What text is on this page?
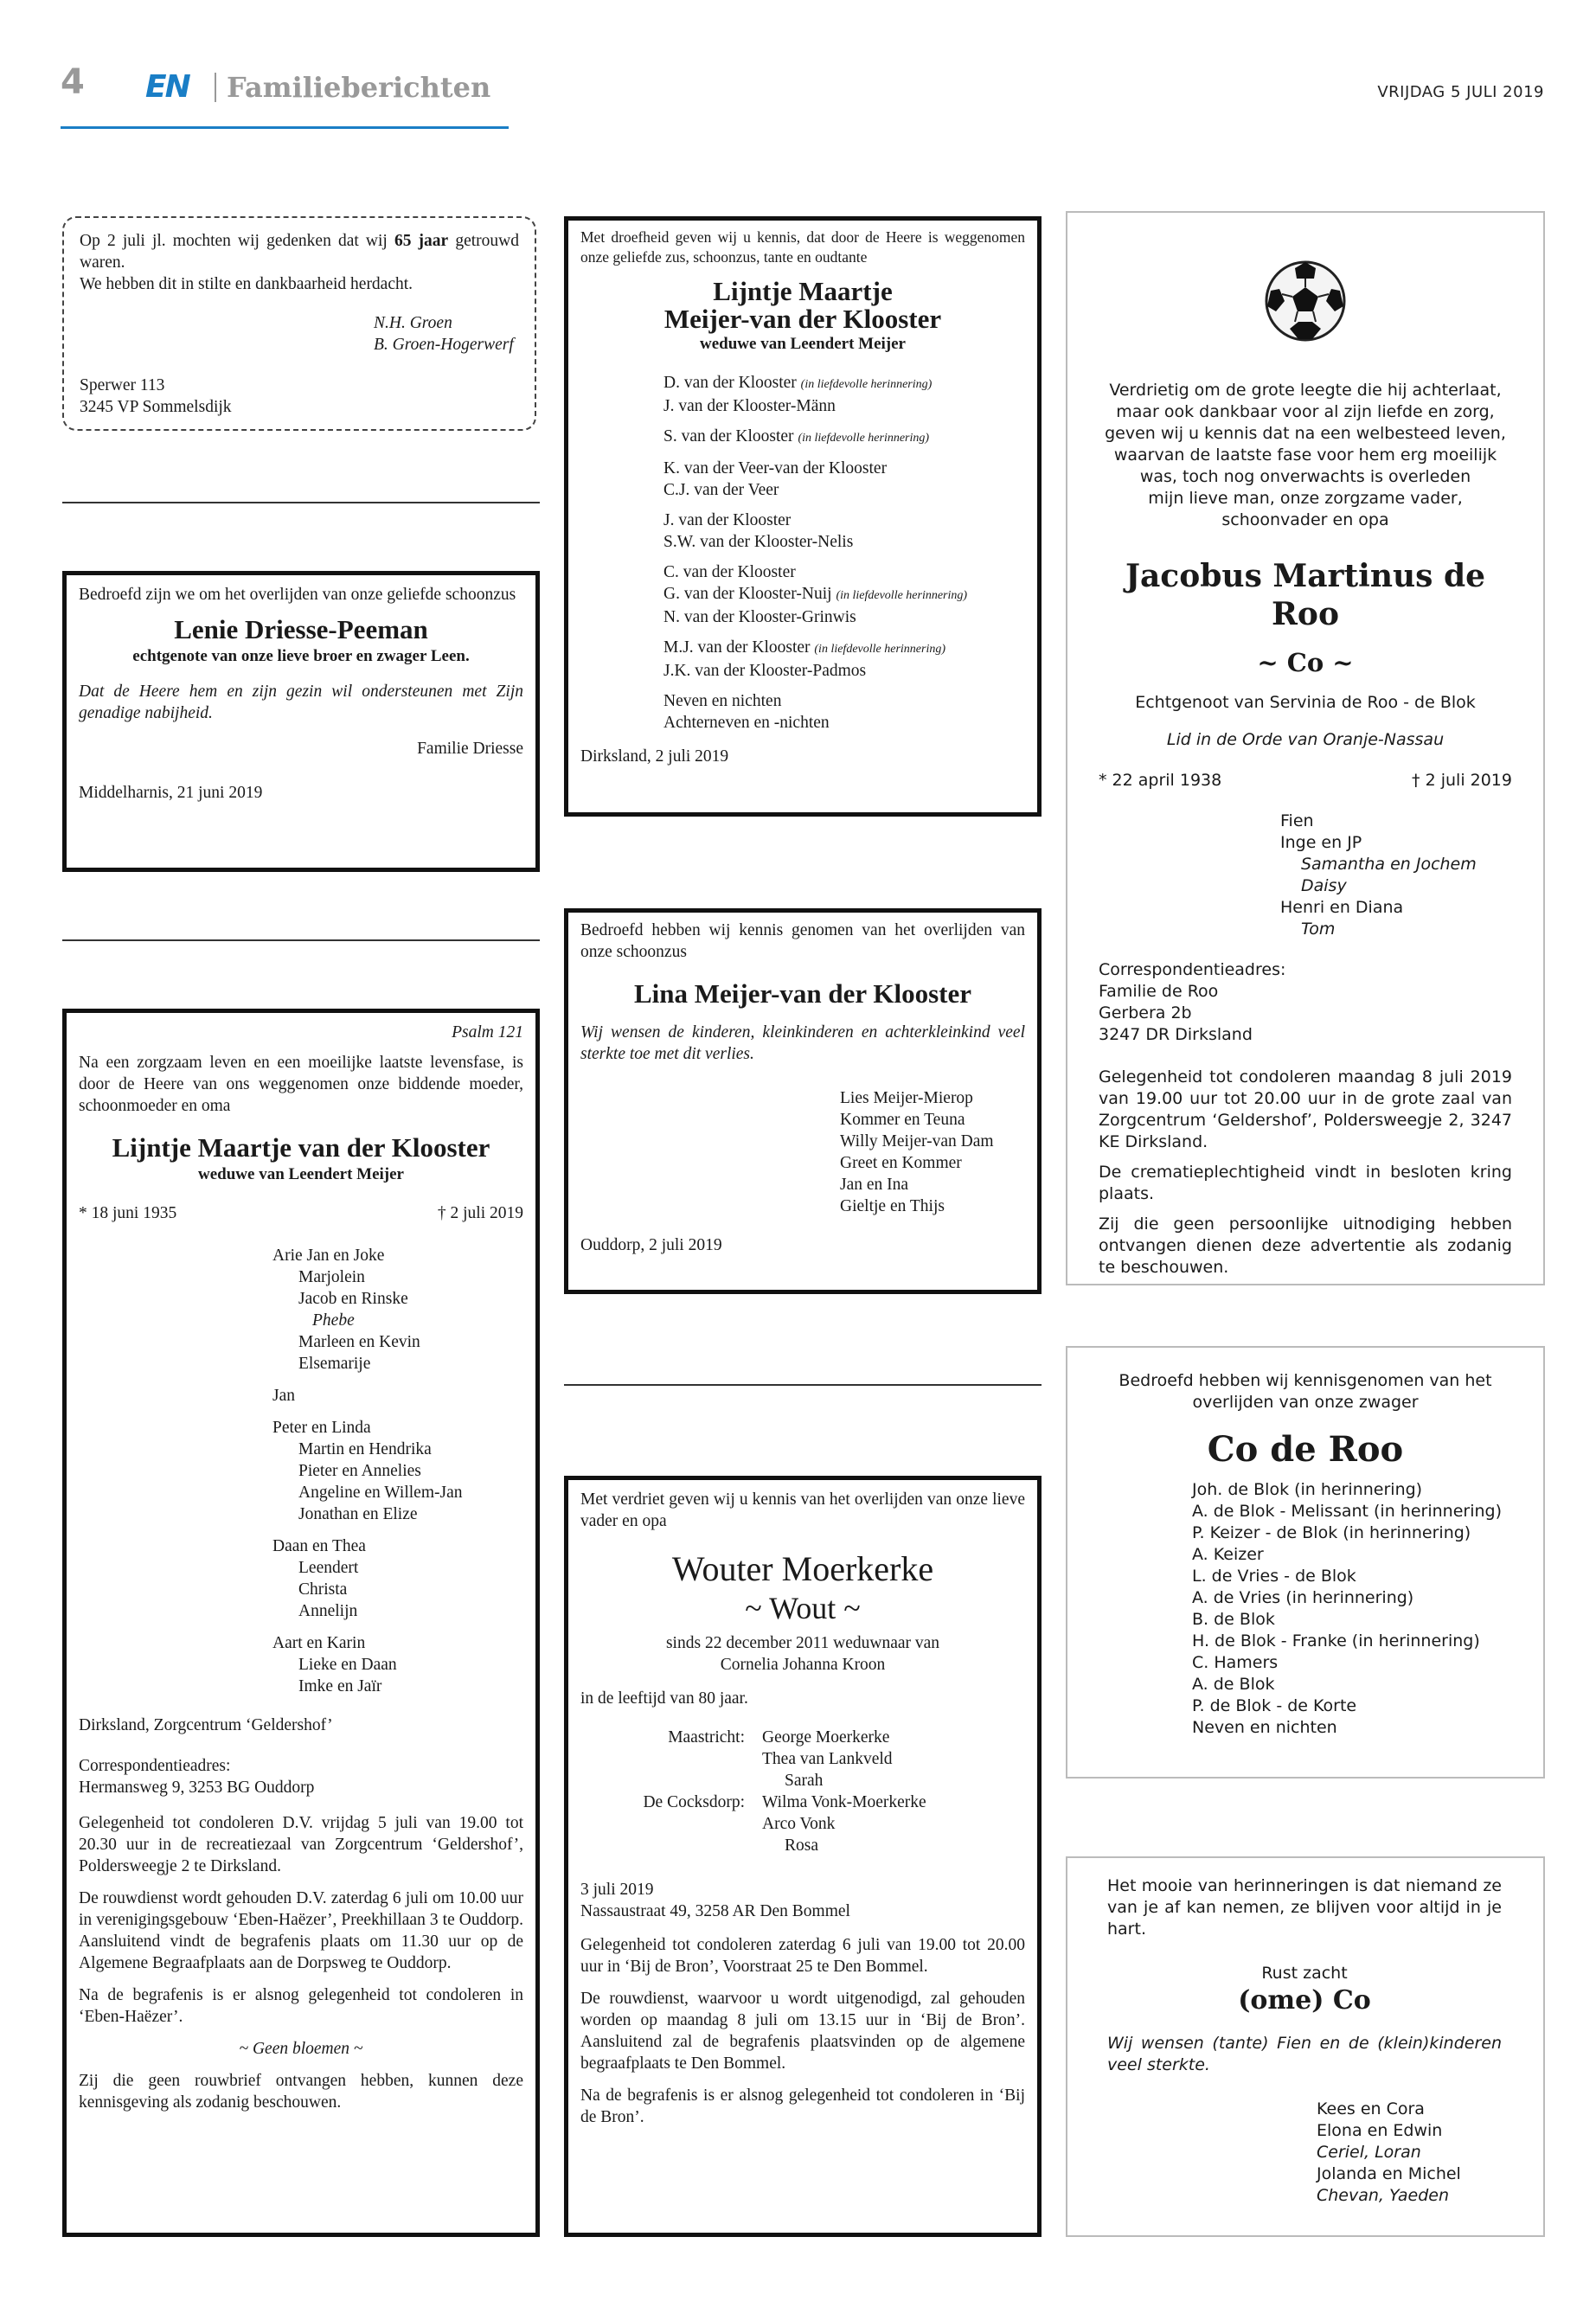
4 EN Familieberichten	VRIJDAG 5 JULI 2019
Op 2 juli jl. mochten wij gedenken dat wij 65 jaar getrouwd waren.
We hebben dit in stilte en dankbaarheid herdacht.
N.H. Groen
B. Groen-Hogerwerf
Sperwer 113
3245 VP Sommelsdijk
Bedroefd zijn we om het overlijden van onze geliefde schoonzus
Lenie Driesse-Peeman
echtgenote van onze lieve broer en zwager Leen.
Dat de Heere hem en zijn gezin wil ondersteunen met Zijn genadige nabijheid.
Familie Driesse
Middelharnis, 21 juni 2019
Psalm 121
Na een zorgzaam leven en een moeilijke laatste levensfase, is door de Heere van ons weggenomen onze biddende moeder, schoonmoeder en oma
Lijntje Maartje van der Klooster
weduwe van Leendert Meijer
* 18 juni 1935	† 2 juli 2019
Arie Jan en Joke
Marjolein
Jacob en Rinske
Phebe
Marleen en Kevin
Elsemarije
Jan
Peter en Linda
Martin en Hendrika
Pieter en Annelies
Angeline en Willem-Jan
Jonathan en Elize
Daan en Thea
Leendert
Christa
Annelijn
Aart en Karin
Lieke en Daan
Imke en Jaïr
Dirksland, Zorgcentrum ‘Geldershof’
Correspondentieadres:
Hermansweg 9, 3253 BG Ouddorp
Gelegenheid tot condoleren D.V. vrijdag 5 juli van 19.00 tot 20.30 uur in de recreatiezaal van Zorgcentrum ‘Geldershof’, Poldersweegje 2 te Dirksland.
De rouwdienst wordt gehouden D.V. zaterdag 6 juli om 10.00 uur in verenigingsgebouw ‘Eben-Haëzer’, Preekhillaan 3 te Ouddorp. Aansluitend vindt de begrafenis plaats om 11.30 uur op de Algemene Begraafplaats aan de Dorpsweg te Ouddorp.
Na de begrafenis is er alsnog gelegenheid tot condoleren in ‘Eben-Haëzer’.
~ Geen bloemen ~
Zij die geen rouwbrief ontvangen hebben, kunnen deze kennisgeving als zodanig beschouwen.
Met droefheid geven wij u kennis, dat door de Heere is weggenomen onze geliefde zus, schoonzus, tante en oudtante
Lijntje Maartje
Meijer-van der Klooster
weduwe van Leendert Meijer
D. van der Klooster (in liefdevolle herinnering)
J. van der Klooster-Männ
S. van der Klooster (in liefdevolle herinnering)
K. van der Veer-van der Klooster
C.J. van der Veer
J. van der Klooster
S.W. van der Klooster-Nelis
C. van der Klooster
G. van der Klooster-Nuij (in liefdevolle herinnering)
N. van der Klooster-Grinwis
M.J. van der Klooster (in liefdevolle herinnering)
J.K. van der Klooster-Padmos
Neven en nichten
Achterneven en -nichten
Dirksland, 2 juli 2019
Bedroefd hebben wij kennis genomen van het overlijden van onze schoonzus
Lina Meijer-van der Klooster
Wij wensen de kinderen, kleinkinderen en achterkleinkind veel sterkte toe met dit verlies.
Lies Meijer-Mierop
Kommer en Teuna
Willy Meijer-van Dam
Greet en Kommer
Jan en Ina
Gieltje en Thijs
Ouddorp, 2 juli 2019
Met verdriet geven wij u kennis van het overlijden van onze lieve vader en opa
Wouter Moerkerke
~ Wout ~
sinds 22 december 2011 weduwnaar van
Cornelia Johanna Kroon
in de leeftijd van 80 jaar.
Maastricht:	George Moerkerke
Thea van Lankveld
Sarah
De Cocksdorp:	Wilma Vonk-Moerkerke
Arco Vonk
Rosa
3 juli 2019
Nassaustraat 49, 3258 AR Den Bommel
Gelegenheid tot condoleren zaterdag 6 juli van 19.00 tot 20.00 uur in ‘Bij de Bron’, Voorstraat 25 te Den Bommel.
De rouwdienst, waarvoor u wordt uitgenodigd, zal gehouden worden op maandag 8 juli om 13.15 uur in ‘Bij de Bron’. Aansluitend zal de begrafenis plaatsvinden op de algemene begraafplaats te Den Bommel.
Na de begrafenis is er alsnog gelegenheid tot condoleren in ‘Bij de Bron’.
Verdrietig om de grote leegte die hij achterlaat,
maar ook dankbaar voor al zijn liefde en zorg,
geven wij u kennis dat na een welbesteed leven,
waarvan de laatste fase voor hem erg moeilijk
was, toch nog onverwachts is overleden
mijn lieve man, onze zorgzame vader,
schoonvader en opa
Jacobus Martinus de Roo
~ Co ~
Echtgenoot van Servinia de Roo - de Blok
Lid in de Orde van Oranje-Nassau
* 22 april 1938	† 2 juli 2019
Fien
Inge en JP
Samantha en Jochem
Daisy
Henri en Diana
Tom
Correspondentieadres:
Familie de Roo
Gerbera 2b
3247 DR Dirksland
Gelegenheid tot condoleren maandag 8 juli 2019 van 19.00 uur tot 20.00 uur in de grote zaal van Zorgcentrum ‘Geldershof’, Poldersweegje 2, 3247 KE Dirksland.
De crematieplechtigheid vindt in besloten kring plaats.
Zij die geen persoonlijke uitnodiging hebben ontvangen dienen deze advertentie als zodanig te beschouwen.
Bedroefd hebben wij kennisgenomen van het
overlijden van onze zwager
Co de Roo
Joh. de Blok (in herinnering)
A. de Blok - Melissant (in herinnering)
P. Keizer - de Blok (in herinnering)
A. Keizer
L. de Vries - de Blok
A. de Vries (in herinnering)
B. de Blok
H. de Blok - Franke (in herinnering)
C. Hamers
A. de Blok
P. de Blok - de Korte
Neven en nichten
Het mooie van herinneringen is dat niemand ze van je af kan nemen, ze blijven voor altijd in je hart.
Rust zacht
(ome) Co
Wij wensen (tante) Fien en de (klein)kinderen veel sterkte.
Kees en Cora
Elona en Edwin
Ceriel, Loran
Jolanda en Michel
Chevan, Yaeden
